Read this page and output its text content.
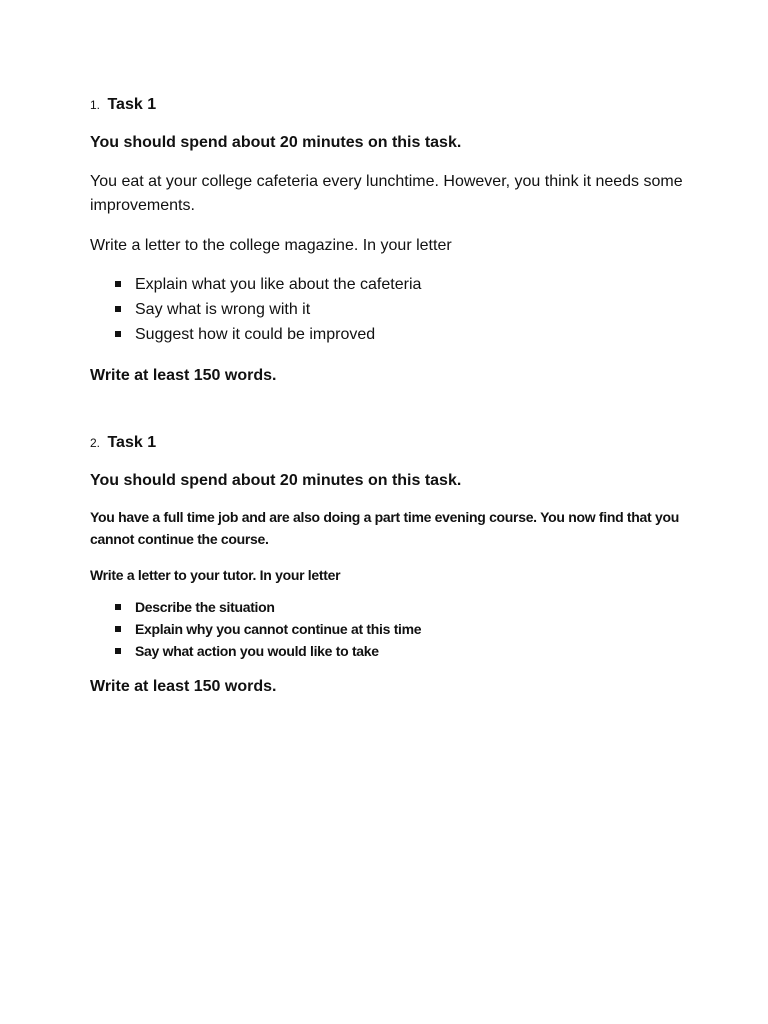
1. Task 1

You should spend about 20 minutes on this task.

You eat at your college cafeteria every lunchtime. However, you think it needs some improvements.

Write a letter to the college magazine. In your letter

Explain what you like about the cafeteria
Say what is wrong with it
Suggest how it could be improved

Write at least 150 words.

2. Task 1

You should spend about 20 minutes on this task.

You have a full time job and are also doing a part time evening course. You now find that you cannot continue the course.

Write a letter to your tutor. In your letter

Describe the situation
Explain why you cannot continue at this time
Say what action you would like to take

Write at least 150 words.
